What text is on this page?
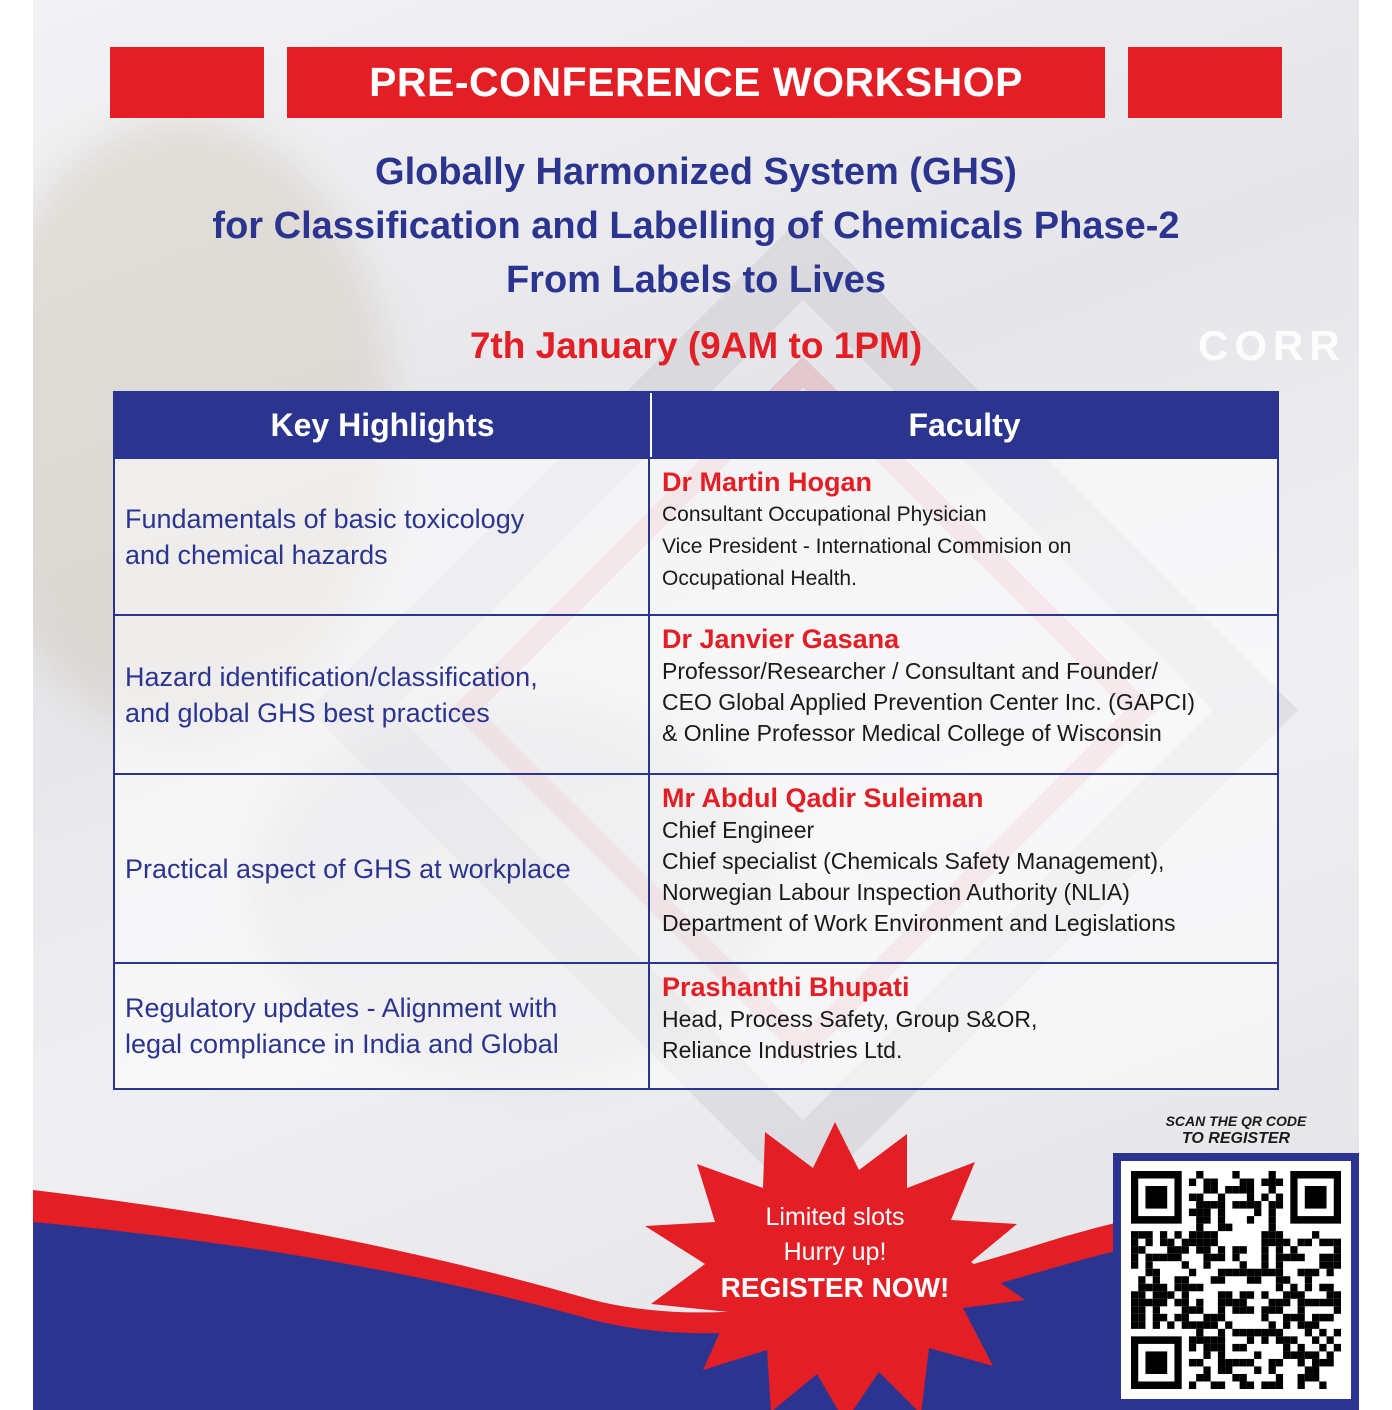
CORR
PRE-CONFERENCE WORKSHOP
Globally Harmonized System (GHS)
for Classification and Labelling of Chemicals Phase-2
From Labels to Lives
7th January (9AM to 1PM)
Key Highlights	Faculty
Fundamentals of basic toxicology
and chemical hazards
Dr Martin Hogan
Consultant Occupational Physician
Vice President - International Commision on
Occupational Health.
Hazard identification/classification,
and global GHS best practices
Dr Janvier Gasana
Professor/Researcher / Consultant and Founder/
CEO Global Applied Prevention Center Inc. (GAPCI)
& Online Professor Medical College of Wisconsin
Practical aspect of GHS at workplace
Mr Abdul Qadir Suleiman
Chief Engineer
Chief specialist (Chemicals Safety Management),
Norwegian Labour Inspection Authority (NLIA)
Department of Work Environment and Legislations
Regulatory updates - Alignment with
legal compliance in India and Global
Prashanthi Bhupati
Head, Process Safety, Group S&OR,
Reliance Industries Ltd.
Limited slots
Hurry up!
REGISTER NOW!
SCAN THE QR CODE
TO REGISTER
